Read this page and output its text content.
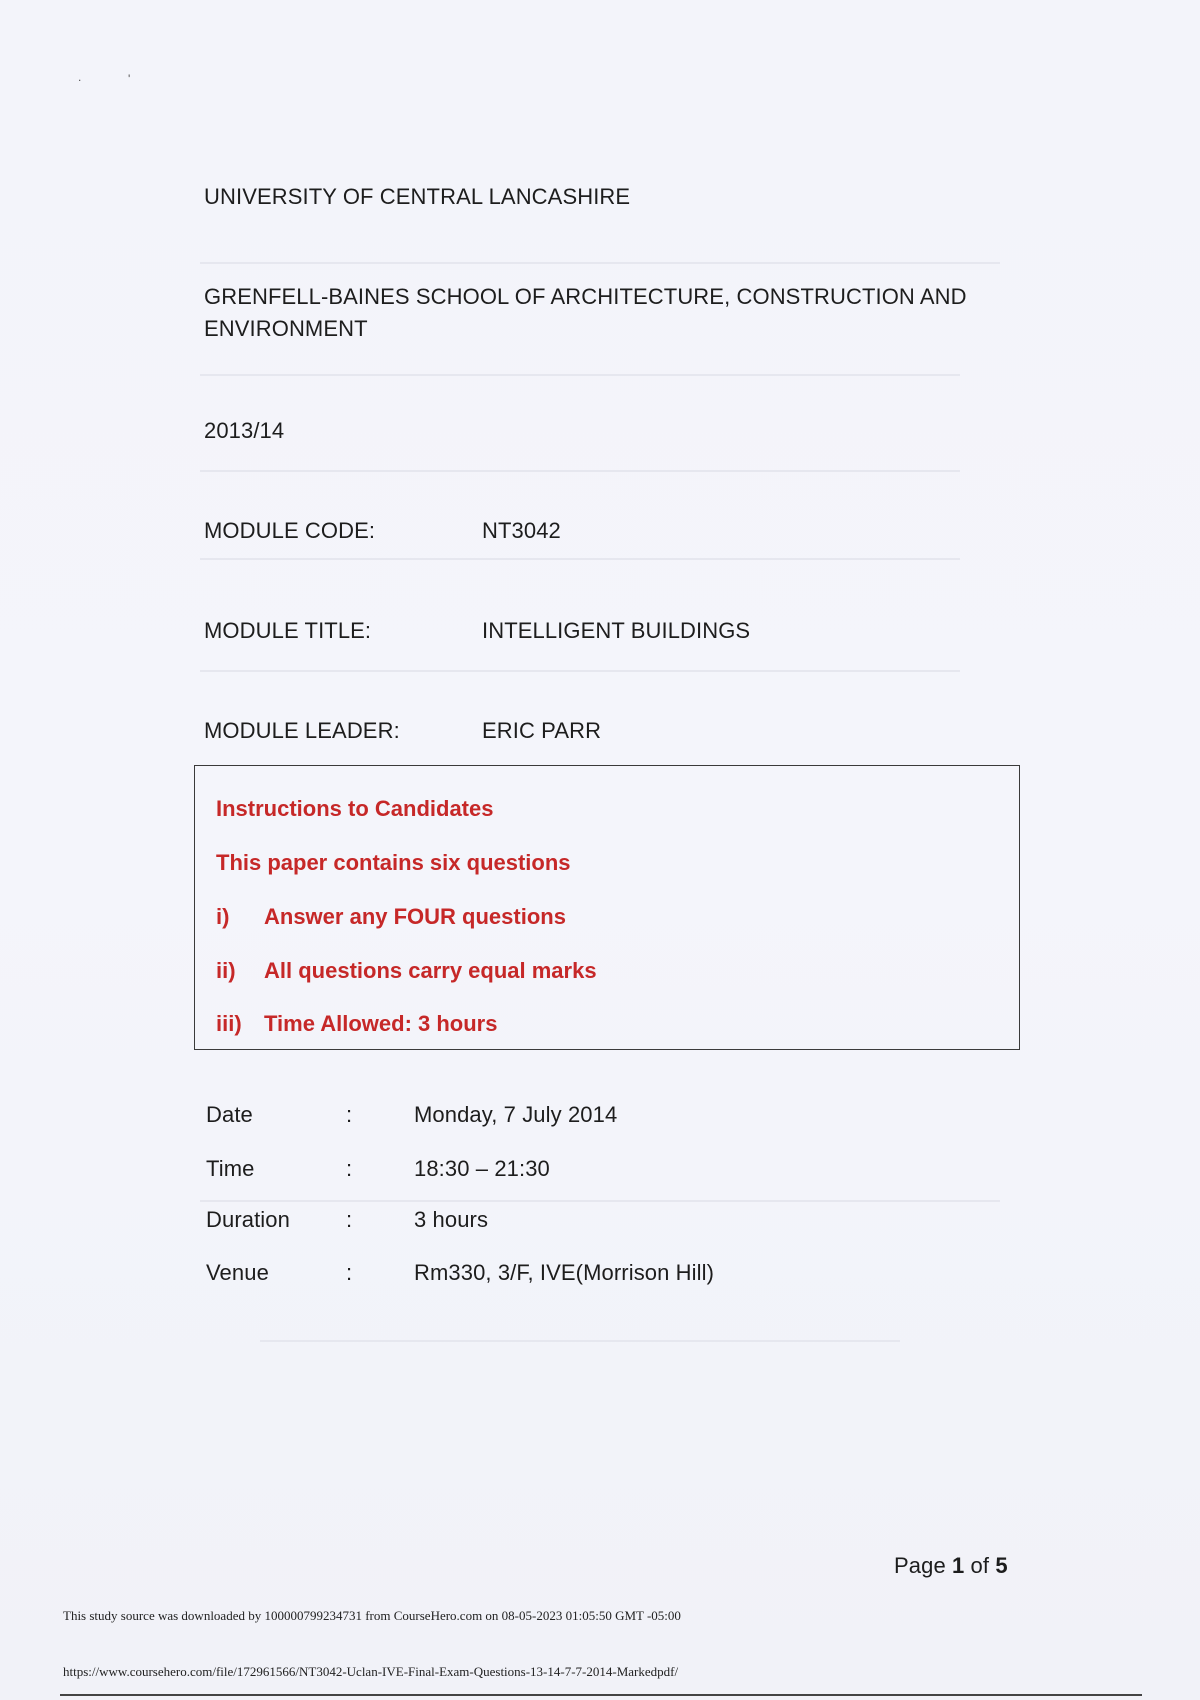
.	'
UNIVERSITY OF CENTRAL LANCASHIRE
GRENFELL-BAINES SCHOOL OF ARCHITECTURE, CONSTRUCTION AND
ENVIRONMENT
2013/14
MODULE CODE:	NT3042
MODULE TITLE:	INTELLIGENT BUILDINGS
MODULE LEADER:	ERIC PARR
Instructions to Candidates
This paper contains six questions
i) Answer any FOUR questions
ii) All questions carry equal marks
iii) Time Allowed: 3 hours
Date	:	Monday, 7 July 2014
Time	:	18:30 – 21:30
Duration	:	3 hours
Venue	:	Rm330, 3/F, IVE(Morrison Hill)
Page 1 of 5
This study source was downloaded by 100000799234731 from CourseHero.com on 08-05-2023 01:05:50 GMT -05:00
https://www.coursehero.com/file/172961566/NT3042-Uclan-IVE-Final-Exam-Questions-13-14-7-7-2014-Markedpdf/
